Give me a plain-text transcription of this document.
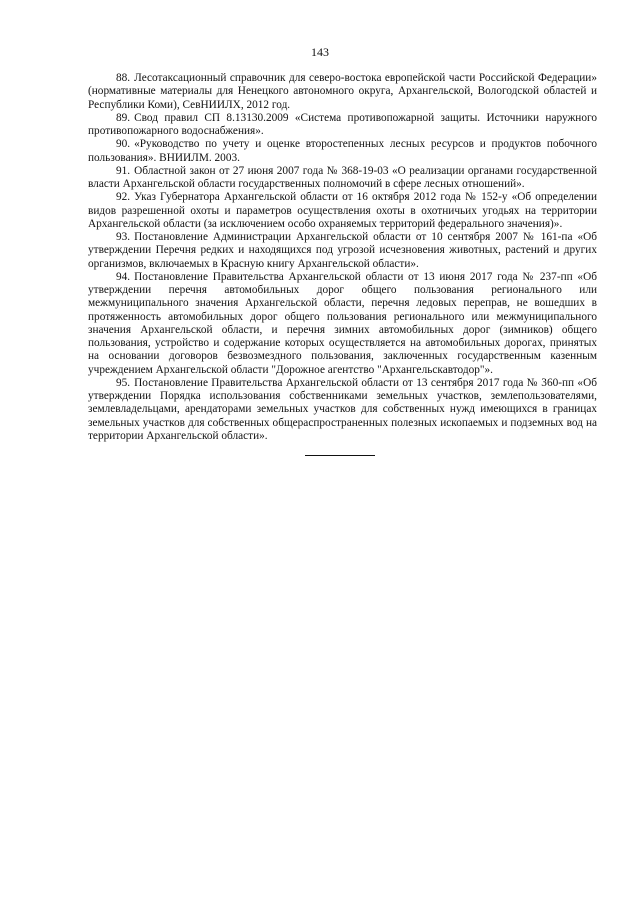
143

88. Лесотаксационный справочник для северо-востока европейской части Российской Федерации» (нормативные материалы для Ненецкого автономного округа, Архангельской, Вологодской областей и Республики Коми), СевНИИЛХ, 2012 год.

89. Свод правил СП 8.13130.2009 «Система противопожарной защиты. Источники наружного противопожарного водоснабжения».

90. «Руководство по учету и оценке второстепенных лесных ресурсов и продуктов побочного пользования». ВНИИЛМ. 2003.

91. Областной закон от 27 июня 2007 года № 368-19-03 «О реализации органами государственной власти Архангельской области государственных полномочий в сфере лесных отношений».

92. Указ Губернатора Архангельской области от 16 октября 2012 года № 152-у «Об определении видов разрешенной охоты и параметров осуществления охоты в охотничьих угодьях на территории Архангельской области (за исключением особо охраняемых территорий федерального значения)».

93. Постановление Администрации Архангельской области от 10 сентября 2007 № 161-па «Об утверждении Перечня редких и находящихся под угрозой исчезновения животных, растений и других организмов, включаемых в Красную книгу Архангельской области».

94. Постановление Правительства Архангельской области от 13 июня 2017 года № 237-пп «Об утверждении перечня автомобильных дорог общего пользования регионального или межмуниципального значения Архангельской области, перечня ледовых переправ, не вошедших в протяженность автомобильных дорог общего пользования регионального или межмуниципального значения Архангельской области, и перечня зимних автомобильных дорог (зимников) общего пользования, устройство и содержание которых осуществляется на автомобильных дорогах, принятых на основании договоров безвозмездного пользования, заключенных государственным казенным учреждением Архангельской области "Дорожное агентство "Архангельскавтодор"».

95. Постановление Правительства Архангельской области от 13 сентября 2017 года № 360-пп «Об утверждении Порядка использования собственниками земельных участков, землепользователями, землевладельцами, арендаторами земельных участков для собственных нужд имеющихся в границах земельных участков для собственных общераспространенных полезных ископаемых и подземных вод на территории Архангельской области».
